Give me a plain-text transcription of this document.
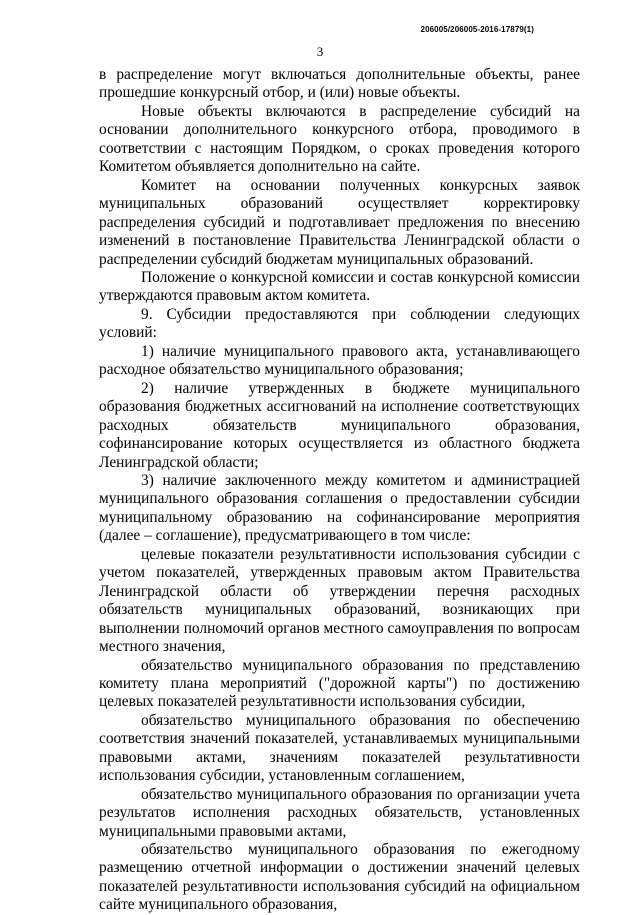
206005/206005-2016-17879(1)
3

в распределение могут включаться дополнительные объекты, ранее прошедшие конкурсный отбор, и (или) новые объекты.

Новые объекты включаются в распределение субсидий на основании дополнительного конкурсного отбора, проводимого в соответствии с настоящим Порядком, о сроках проведения которого Комитетом объявляется дополнительно на сайте.

Комитет на основании полученных конкурсных заявок муниципальных образований осуществляет корректировку распределения субсидий и подготавливает предложения по внесению изменений в постановление Правительства Ленинградской области о распределении субсидий бюджетам муниципальных образований.

Положение о конкурсной комиссии и состав конкурсной комиссии утверждаются правовым актом комитета.

9. Субсидии предоставляются при соблюдении следующих условий:

1) наличие муниципального правового акта, устанавливающего расходное обязательство муниципального образования;

2) наличие утвержденных в бюджете муниципального образования бюджетных ассигнований на исполнение соответствующих расходных обязательств муниципального образования, софинансирование которых осуществляется из областного бюджета Ленинградской области;

3) наличие заключенного между комитетом и администрацией муниципального образования соглашения о предоставлении субсидии муниципальному образованию на софинансирование мероприятия (далее – соглашение), предусматривающего в том числе:

целевые показатели результативности использования субсидии с учетом показателей, утвержденных правовым актом Правительства Ленинградской области об утверждении перечня расходных обязательств муниципальных образований, возникающих при выполнении полномочий органов местного самоуправления по вопросам местного значения,

обязательство муниципального образования по представлению комитету плана мероприятий ("дорожной карты") по достижению целевых показателей результативности использования субсидии,

обязательство муниципального образования по обеспечению соответствия значений показателей, устанавливаемых муниципальными правовыми актами, значениям показателей результативности использования субсидии, установленным соглашением,

обязательство муниципального образования по организации учета результатов исполнения расходных обязательств, установленных муниципальными правовыми актами,

обязательство муниципального образования по ежегодному размещению отчетной информации о достижении значений целевых показателей результативности использования субсидий на официальном сайте муниципального образования,
